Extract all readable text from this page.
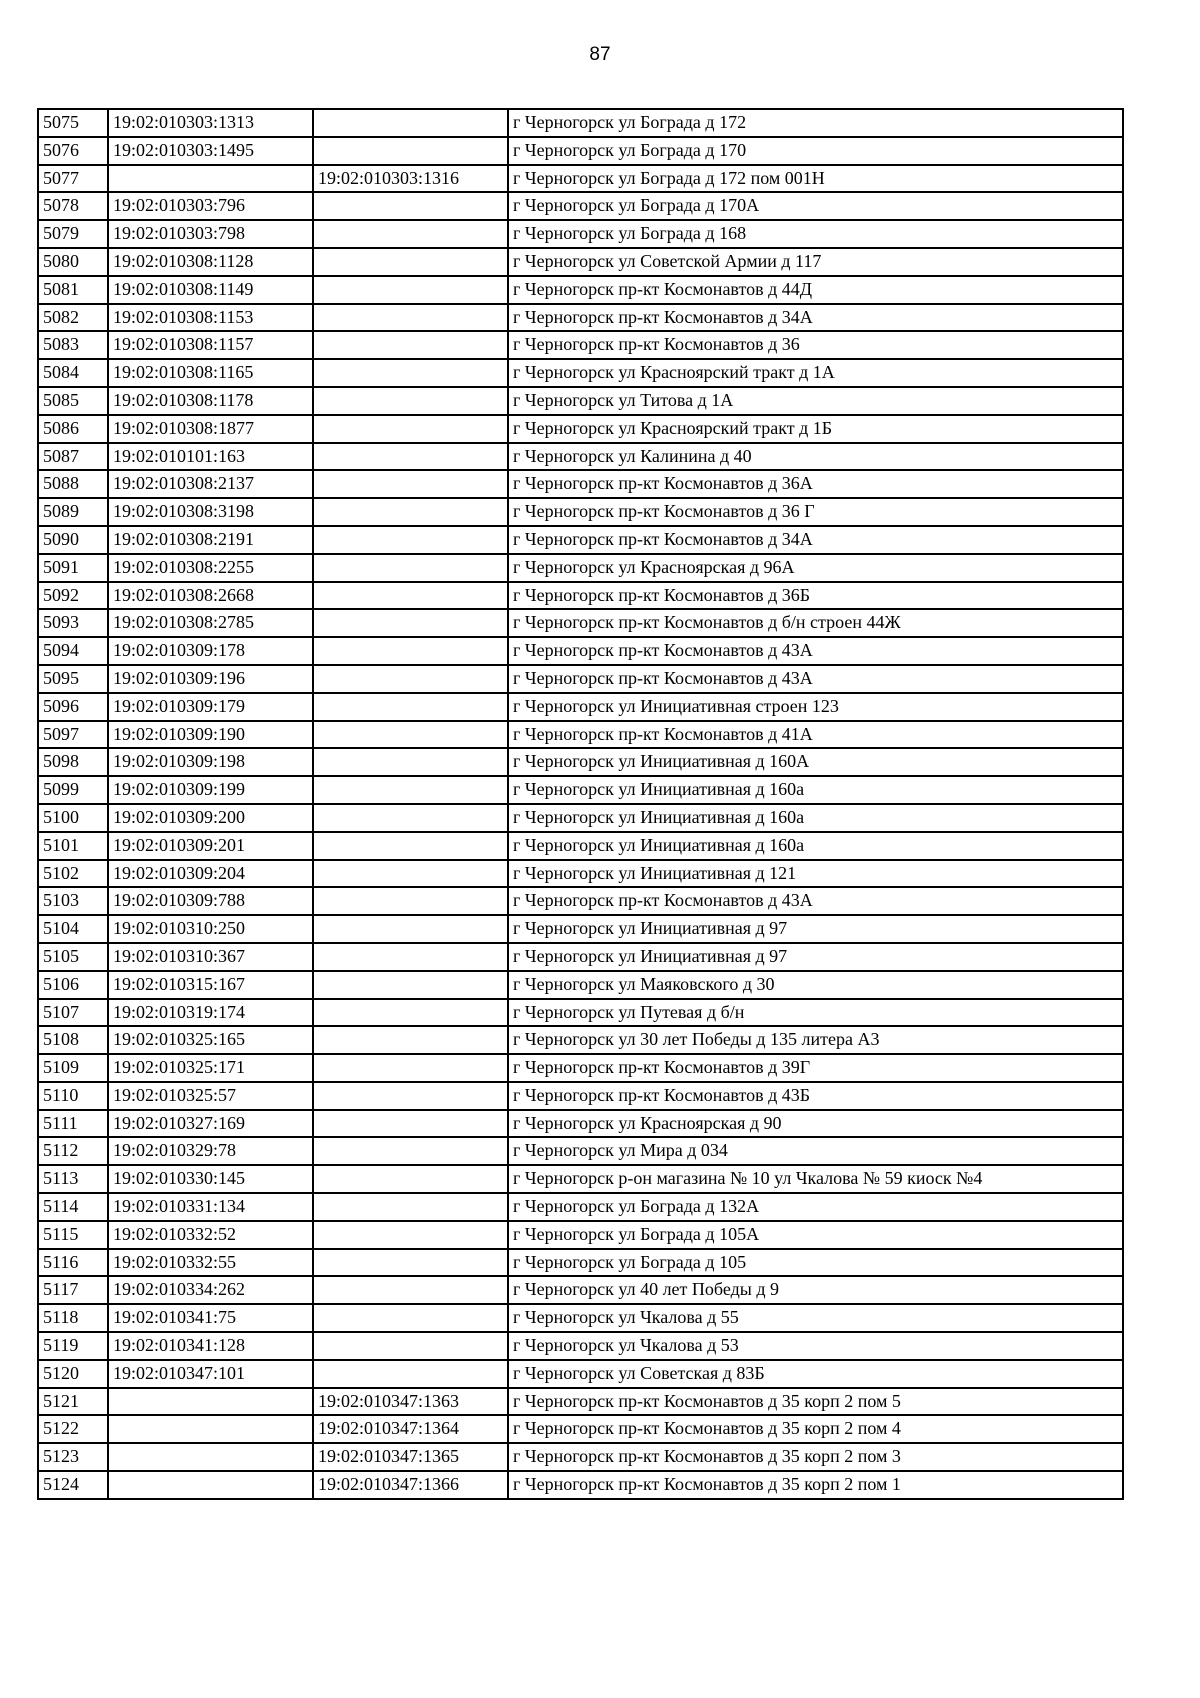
87
5075	19:02:010303:1313		г Черногорск ул Бограда д 172
5076	19:02:010303:1495		г Черногорск ул Бограда д 170
5077		19:02:010303:1316	г Черногорск ул Бограда д 172 пом 001Н
5078	19:02:010303:796		г Черногорск ул Бограда д 170А
5079	19:02:010303:798		г Черногорск ул Бограда д 168
5080	19:02:010308:1128		г Черногорск ул Советской Армии д 117
5081	19:02:010308:1149		г Черногорск пр-кт Космонавтов д 44Д
5082	19:02:010308:1153		г Черногорск пр-кт Космонавтов д 34А
5083	19:02:010308:1157		г Черногорск пр-кт Космонавтов д 36
5084	19:02:010308:1165		г Черногорск ул Красноярский тракт д 1А
5085	19:02:010308:1178		г Черногорск ул Титова д 1А
5086	19:02:010308:1877		г Черногорск ул Красноярский тракт д 1Б
5087	19:02:010101:163		г Черногорск ул Калинина д 40
5088	19:02:010308:2137		г Черногорск пр-кт Космонавтов д 36А
5089	19:02:010308:3198		г Черногорск пр-кт Космонавтов д 36 Г
5090	19:02:010308:2191		г Черногорск пр-кт Космонавтов д 34А
5091	19:02:010308:2255		г Черногорск ул Красноярская д 96А
5092	19:02:010308:2668		г Черногорск пр-кт Космонавтов д 36Б
5093	19:02:010308:2785		г Черногорск пр-кт Космонавтов д б/н строен 44Ж
5094	19:02:010309:178		г Черногорск пр-кт Космонавтов д 43А
5095	19:02:010309:196		г Черногорск пр-кт Космонавтов д 43А
5096	19:02:010309:179		г Черногорск ул Инициативная строен 123
5097	19:02:010309:190		г Черногорск пр-кт Космонавтов д 41А
5098	19:02:010309:198		г Черногорск ул Инициативная д 160А
5099	19:02:010309:199		г Черногорск ул Инициативная д 160а
5100	19:02:010309:200		г Черногорск ул Инициативная д 160а
5101	19:02:010309:201		г Черногорск ул Инициативная д 160а
5102	19:02:010309:204		г Черногорск ул Инициативная д 121
5103	19:02:010309:788		г Черногорск пр-кт Космонавтов д 43А
5104	19:02:010310:250		г Черногорск ул Инициативная д 97
5105	19:02:010310:367		г Черногорск ул Инициативная д 97
5106	19:02:010315:167		г Черногорск ул Маяковского д 30
5107	19:02:010319:174		г Черногорск ул Путевая д б/н
5108	19:02:010325:165		г Черногорск ул 30 лет Победы д 135 литера А3
5109	19:02:010325:171		г Черногорск пр-кт Космонавтов д 39Г
5110	19:02:010325:57		г Черногорск пр-кт Космонавтов д 43Б
5111	19:02:010327:169		г Черногорск ул Красноярская д 90
5112	19:02:010329:78		г Черногорск ул Мира д 034
5113	19:02:010330:145		г Черногорск р-он магазина № 10 ул Чкалова № 59 киоск №4
5114	19:02:010331:134		г Черногорск ул Бограда д 132А
5115	19:02:010332:52		г Черногорск ул Бограда д 105А
5116	19:02:010332:55		г Черногорск ул Бограда д 105
5117	19:02:010334:262		г Черногорск ул 40 лет Победы д 9
5118	19:02:010341:75		г Черногорск ул Чкалова д 55
5119	19:02:010341:128		г Черногорск ул Чкалова д 53
5120	19:02:010347:101		г Черногорск ул Советская д 83Б
5121		19:02:010347:1363	г Черногорск пр-кт Космонавтов д 35 корп 2 пом 5
5122		19:02:010347:1364	г Черногорск пр-кт Космонавтов д 35 корп 2 пом 4
5123		19:02:010347:1365	г Черногорск пр-кт Космонавтов д 35 корп 2 пом 3
5124		19:02:010347:1366	г Черногорск пр-кт Космонавтов д 35 корп 2 пом 1
